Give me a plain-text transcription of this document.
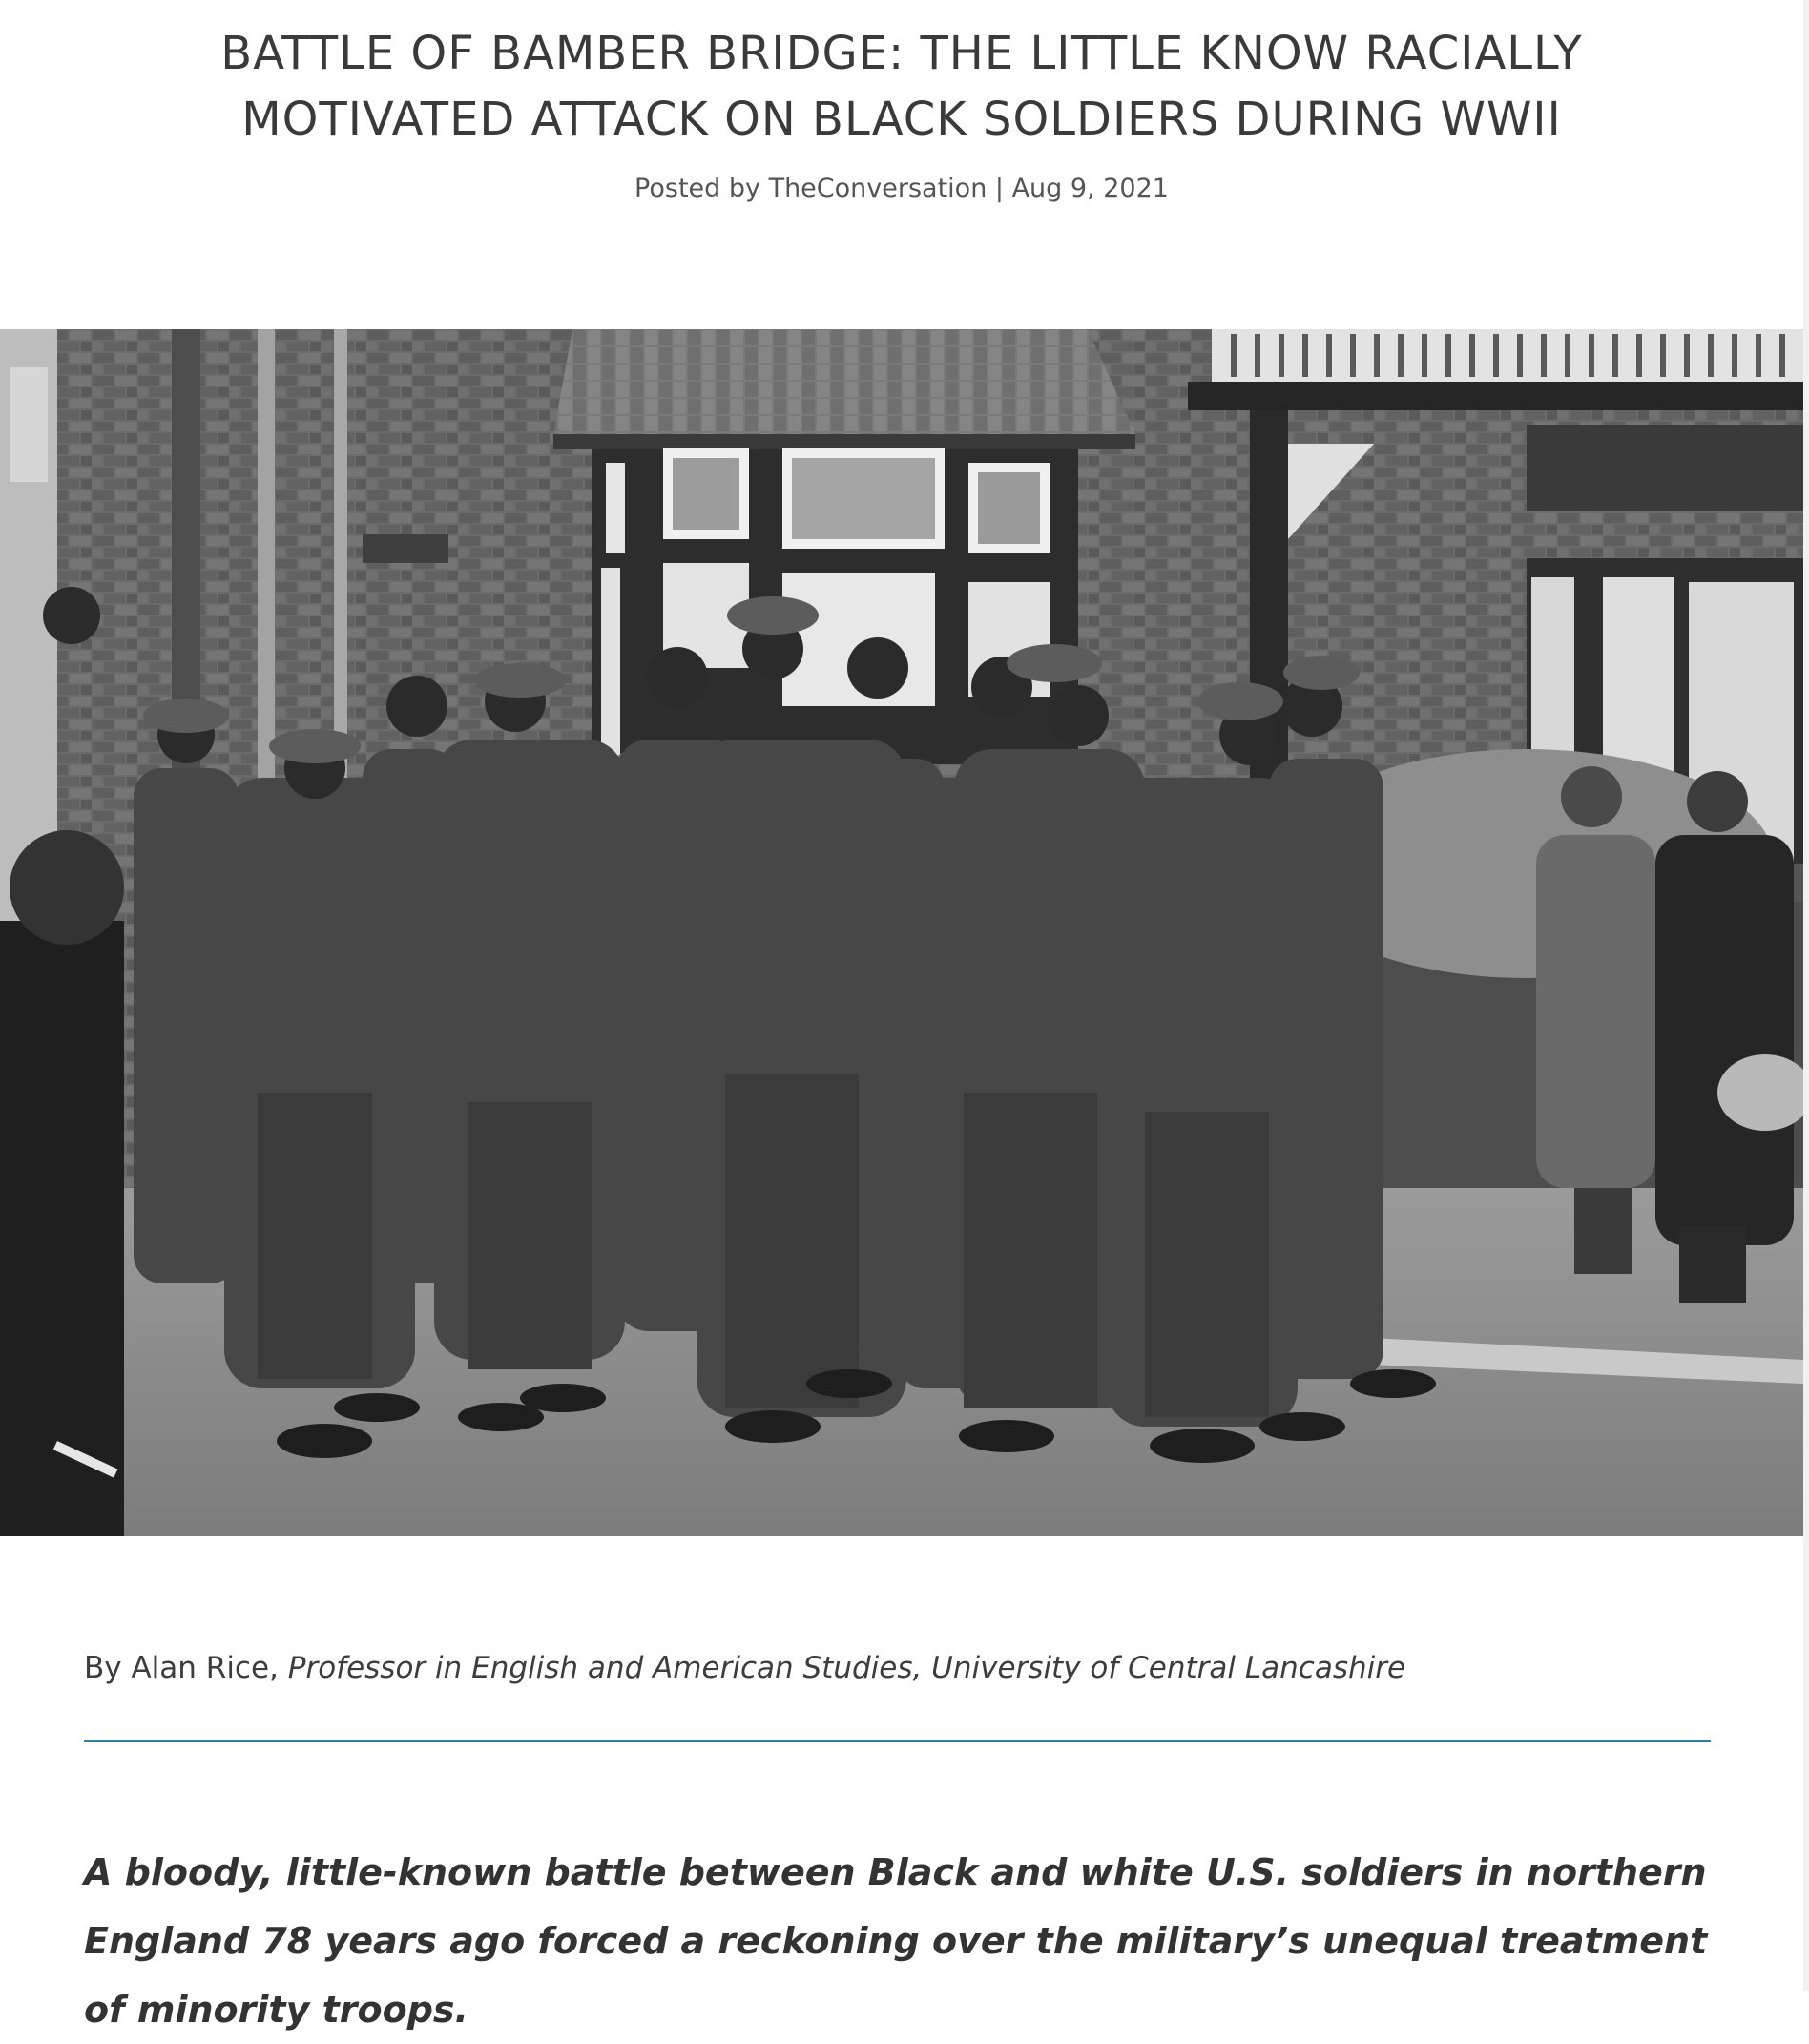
BATTLE OF BAMBER BRIDGE: THE LITTLE KNOW RACIALLY
MOTIVATED ATTACK ON BLACK SOLDIERS DURING WWII

Posted by TheConversation | Aug 9, 2021

By Alan Rice, Professor in English and American Studies, University of Central Lancashire

A bloody, little-known battle between Black and white U.S. soldiers in northern England 78 years ago forced a reckoning over the military’s unequal treatment of minority troops.
